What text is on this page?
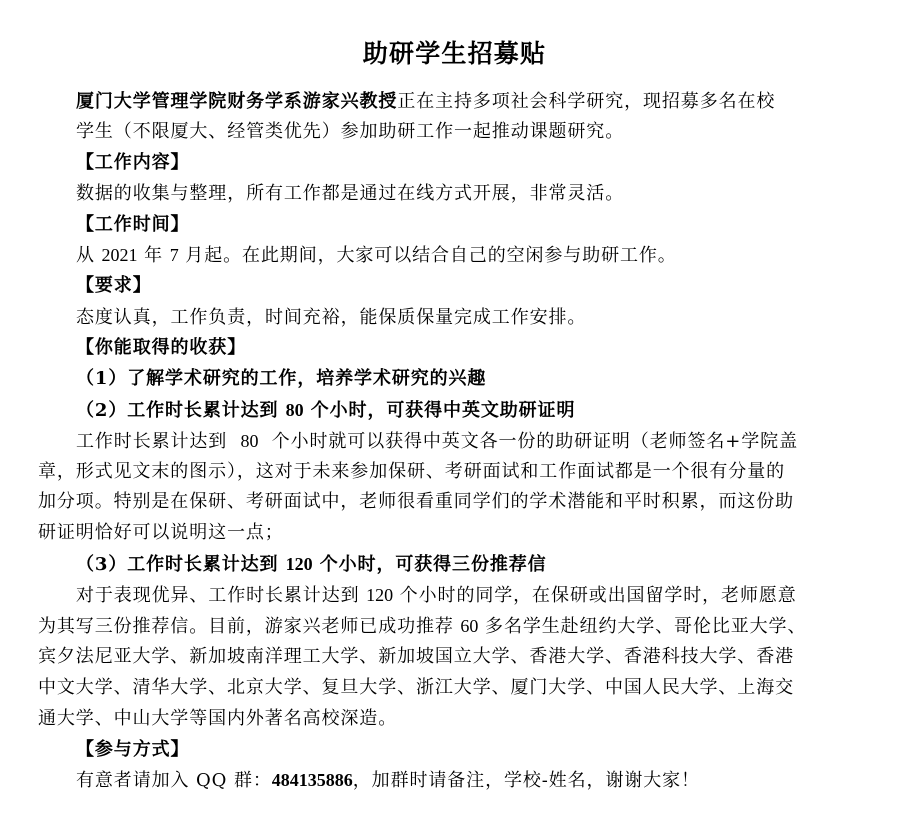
助研学生招募贴
厦门大学管理学院财务学系游家兴教授正在主持多项社会科学研究，现招募多名在校
学生（不限厦大、经管类优先）参加助研工作一起推动课题研究。
【工作内容】
数据的收集与整理，所有工作都是通过在线方式开展，非常灵活。
【工作时间】
从 2021 年 7 月起。在此期间，大家可以结合自己的空闲参与助研工作。
【要求】
态度认真，工作负责，时间充裕，能保质保量完成工作安排。
【你能取得的收获】
（1）了解学术研究的工作，培养学术研究的兴趣
（2）工作时长累计达到 80 个小时，可获得中英文助研证明
工作时长累计达到  80  个小时就可以获得中英文各一份的助研证明（老师签名+学院盖
章，形式见文末的图示），这对于未来参加保研、考研面试和工作面试都是一个很有分量的
加分项。特别是在保研、考研面试中，老师很看重同学们的学术潜能和平时积累，而这份助
研证明恰好可以说明这一点；
（3）工作时长累计达到 120 个小时，可获得三份推荐信
对于表现优异、工作时长累计达到 120 个小时的同学，在保研或出国留学时，老师愿意
为其写三份推荐信。目前，游家兴老师已成功推荐 60 多名学生赴纽约大学、哥伦比亚大学、
宾夕法尼亚大学、新加坡南洋理工大学、新加坡国立大学、香港大学、香港科技大学、香港
中文大学、清华大学、北京大学、复旦大学、浙江大学、厦门大学、中国人民大学、上海交
通大学、中山大学等国内外著名高校深造。
【参与方式】
有意者请加入 QQ 群：484135886，加群时请备注，学校-姓名，谢谢大家！
